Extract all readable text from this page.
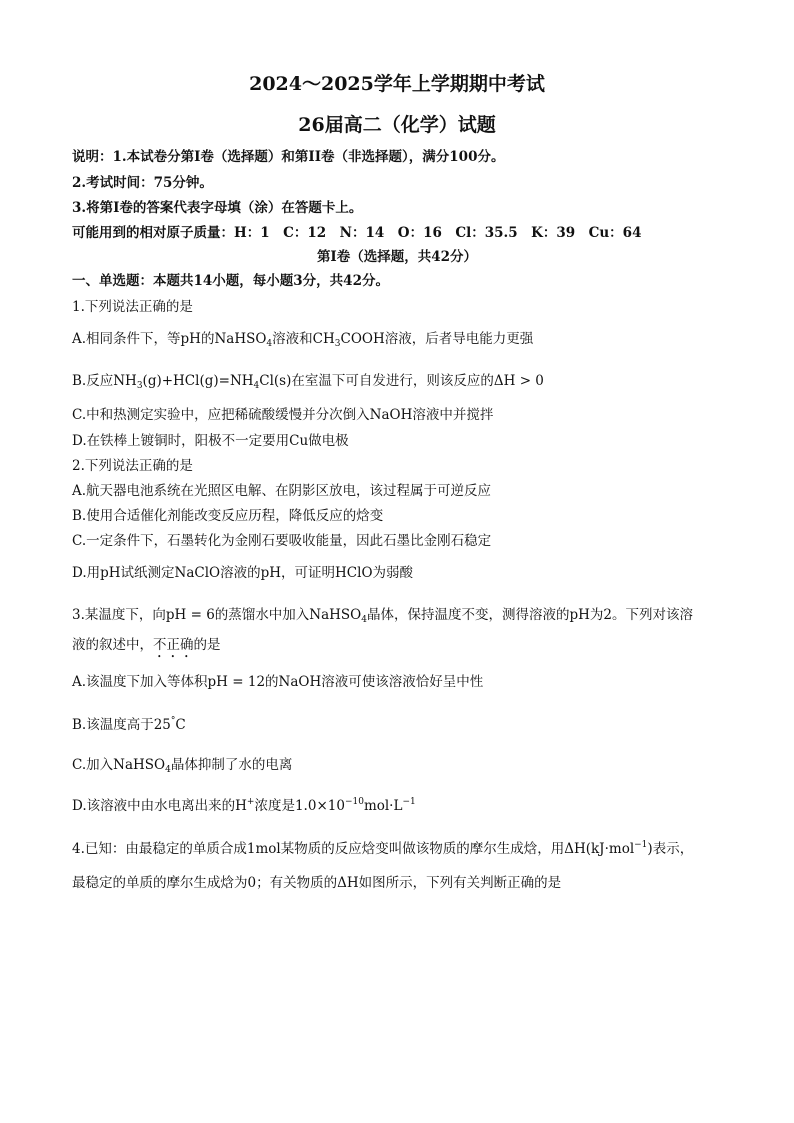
2024～2025学年上学期期中考试
26届高二（化学）试题
说明：1.本试卷分第I卷（选择题）和第II卷（非选择题），满分100分。
2.考试时间：75分钟。
3.将第I卷的答案代表字母填（涂）在答题卡上。
可能用到的相对原子质量：H：1　C：12　N：14　O：16　Cl：35.5　K：39　Cu：64
第I卷（选择题，共42分）
一、单选题：本题共14小题，每小题3分，共42分。
1.下列说法正确的是
A.相同条件下，等pH的NaHSO$_4$溶液和$CH_3COOH$溶液，后者导电能力更强
B.反应$NH_3(g)+HCl(g)=NH_4Cl(s)$在室温下可自发进行，则该反应的ΔH > 0
C.中和热测定实验中，应把稀硫酸缓慢并分次倒入NaOH溶液中并搅拌
D.在铁棒上镀铜时，阳极不一定要用Cu做电极
2.下列说法正确的是
A.航天器电池系统在光照区电解、在阴影区放电，该过程属于可逆反应
B.使用合适催化剂能改变反应历程，降低反应的焓变
C.一定条件下，石墨转化为金刚石要吸收能量，因此石墨比金刚石稳定
D.用pH试纸测定NaClO溶液的pH，可证明HClO为弱酸
3.某温度下，向pH = 6的蒸馏水中加入NaHSO$_4$晶体，保持温度不变，测得溶液的pH为2。下列对该溶
液的叙述中，不正确的是
A.该温度下加入等体积pH = 12的NaOH溶液可使该溶液恰好呈中性
B.该温度高于25°C
C.加入NaHSO$_4$晶体抑制了水的电离
D.该溶液中由水电离出来的H+浓度是$1.0\times 10^{-10}mol\cdot L^{-1}$
4.已知：由最稳定的单质合成1mol某物质的反应焓变叫做该物质的摩尔生成焓，用ΔH(kJ·mol$^{-1}$)表示，
最稳定的单质的摩尔生成焓为0；有关物质的ΔH如图所示，下列有关判断正确的是
